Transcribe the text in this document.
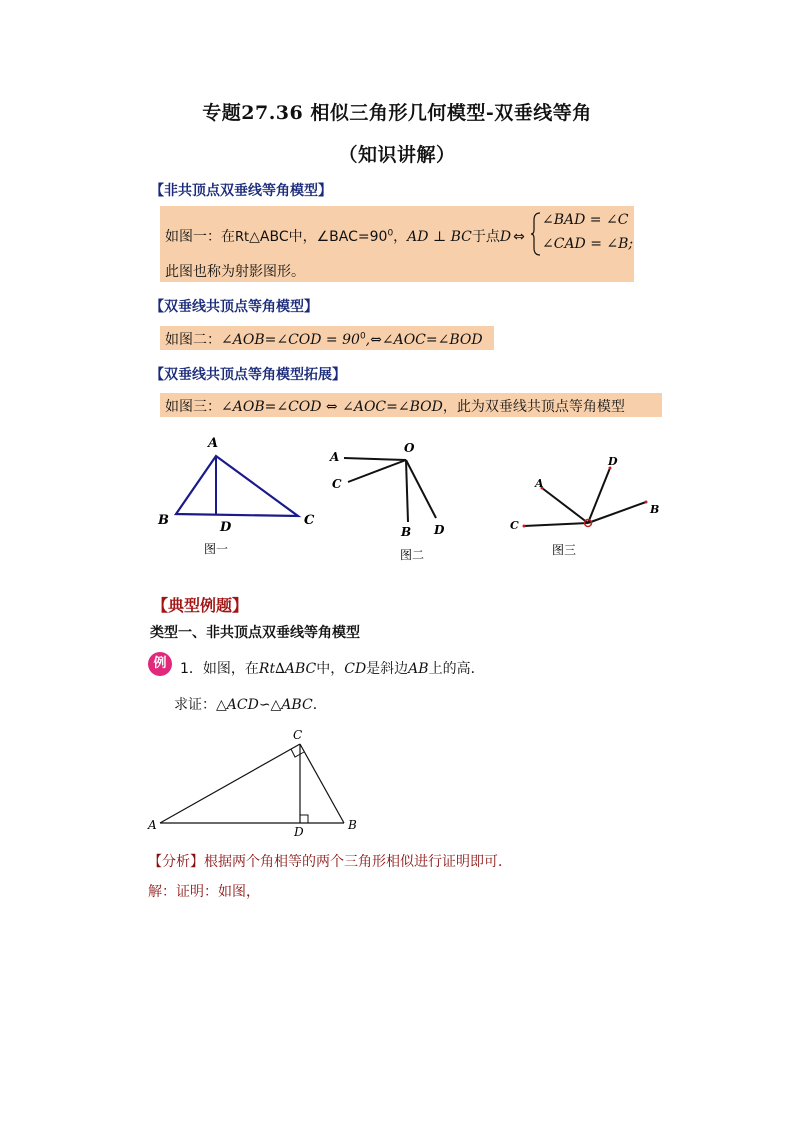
专题27.36 相似三角形几何模型-双垂线等角
（知识讲解）
【非共顶点双垂线等角模型】
如图一：在Rt△ABC中，$\angle BAC=90^0$，AD ⊥ BC于点D ⇔
∠BAD = ∠C
∠CAD = ∠B;
此图也称为射影图形。
【双垂线共顶点等角模型】
如图二：∠AOB=∠COD = $90^0,\Leftrightarrow\angle AOC=\angle BOD$
【双垂线共顶点等角模型拓展】
如图三：∠AOB=∠COD ⇔ ∠AOC=∠BOD，此为双垂线共顶点等角模型
A
B	C
D
图一
A
O
C
B D
图二
D
A
B
C
图三
【典型例题】
类型一、非共顶点双垂线等角模型
例 1．如图，在Rt∆ABC中，CD是斜边AB上的高．
求证：△ACD∽△ABC．
A	B
C
D
【分析】根据两个角相等的两个三角形相似进行证明即可．
解：证明：如图，
